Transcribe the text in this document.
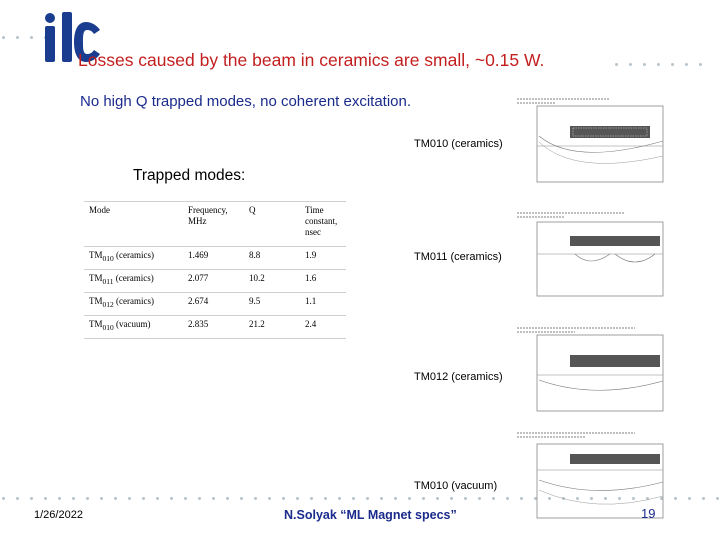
Losses caused by the beam in ceramics are small, ~0.15 W.
No high Q trapped modes, no coherent excitation.
Trapped modes:
Mode	Frequency, MHz	Q	Time constant, nsec
$TM_{010}$ (ceramics)	1.469	8.8	1.9
$TM_{011}$ (ceramics)	2.077	10.2	1.6
$TM_{012}$ (ceramics)	2.674	9.5	1.1
$TM_{010}$ (vacuum)	2.835	21.2	2.4
TM010 (ceramics)
TM011 (ceramics)
TM012 (ceramics)
TM010 (vacuum)
1/26/2022	N.Solyak “ML Magnet specs”	19
